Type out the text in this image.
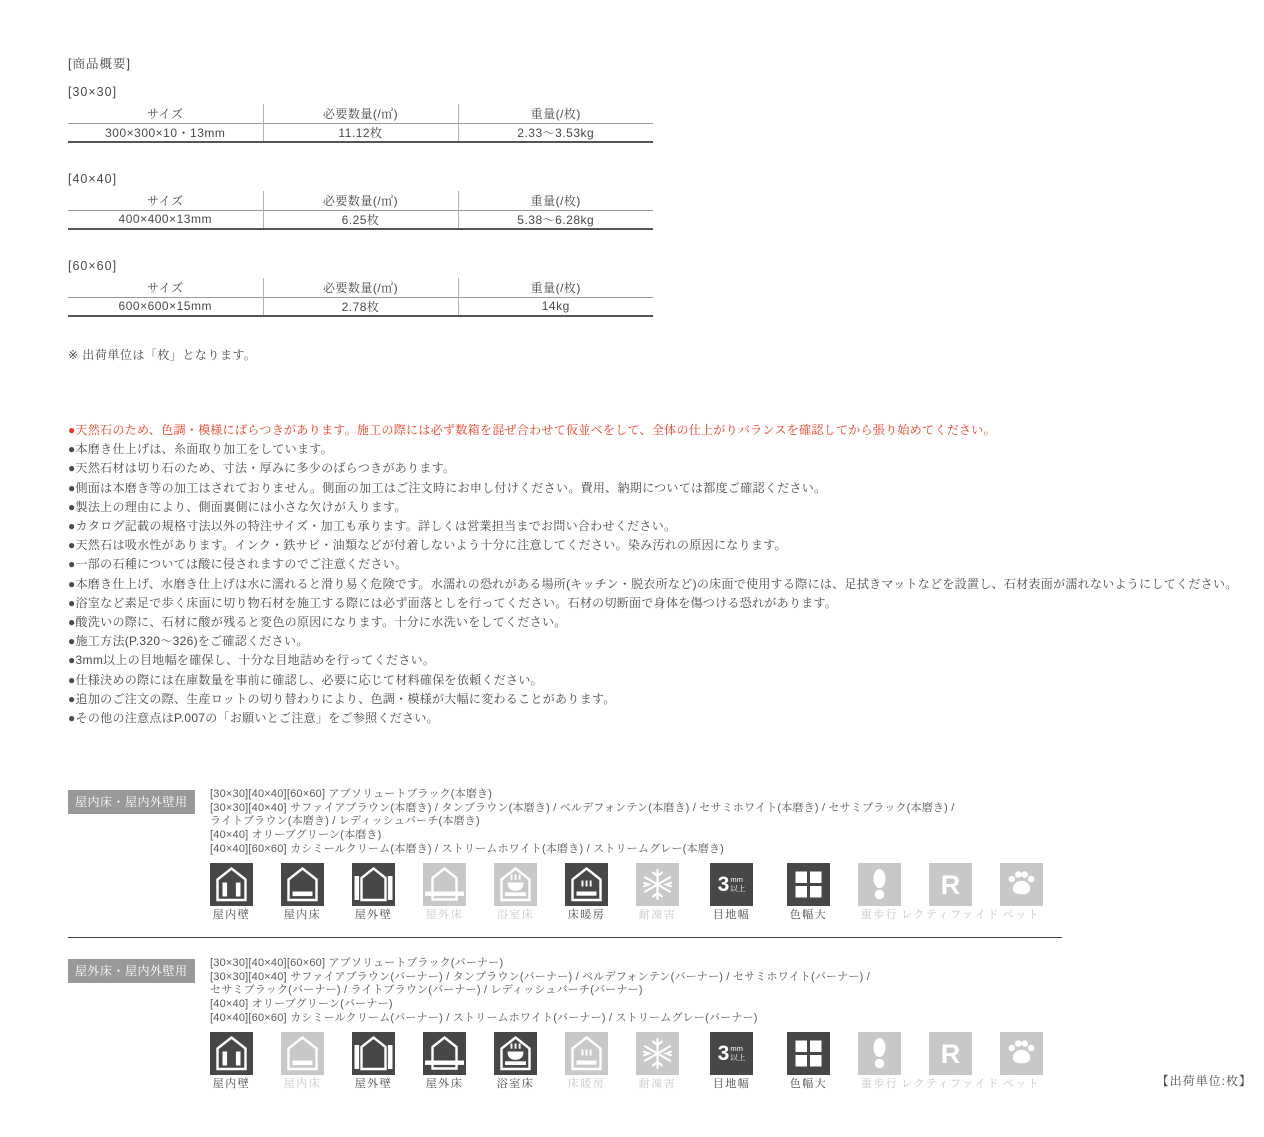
[商品概要]
[30×30]
サイズ	必要数量(/㎡)	重量(/枚)
300×300×10・13mm	11.12枚	2.33〜3.53kg
[40×40]
サイズ	必要数量(/㎡)	重量(/枚)
400×400×13mm	6.25枚	5.38〜6.28kg
[60×60]
サイズ	必要数量(/㎡)	重量(/枚)
600×600×15mm	2.78枚	14kg
※ 出荷単位は「枚」となります。
●天然石のため、色調・模様にばらつきがあります。施工の際には必ず数箱を混ぜ合わせて仮並べをして、全体の仕上がりバランスを確認してから張り始めてください。
●本磨き仕上げは、糸面取り加工をしています。
●天然石材は切り石のため、寸法・厚みに多少のばらつきがあります。
●側面は本磨き等の加工はされておりません。側面の加工はご注文時にお申し付けください。費用、納期については都度ご確認ください。
●製法上の理由により、側面裏側には小さな欠けが入ります。
●カタログ記載の規格寸法以外の特注サイズ・加工も承ります。詳しくは営業担当までお問い合わせください。
●天然石は吸水性があります。インク・鉄サビ・油類などが付着しないよう十分に注意してください。染み汚れの原因になります。
●一部の石種については酸に侵されますのでご注意ください。
●本磨き仕上げ、水磨き仕上げは水に濡れると滑り易く危険です。水濡れの恐れがある場所(キッチン・脱衣所など)の床面で使用する際には、足拭きマットなどを設置し、石材表面が濡れないようにしてください。
●浴室など素足で歩く床面に切り物石材を施工する際には必ず面落としを行ってください。石材の切断面で身体を傷つける恐れがあります。
●酸洗いの際に、石材に酸が残ると変色の原因になります。十分に水洗いをしてください。
●施工方法(P.320〜326)をご確認ください。
●3mm以上の目地幅を確保し、十分な目地詰めを行ってください。
●仕様決めの際には在庫数量を事前に確認し、必要に応じて材料確保を依頼ください。
●追加のご注文の際、生産ロットの切り替わりにより、色調・模様が大幅に変わることがあります。
●その他の注意点はP.007の「お願いとご注意」をご参照ください。
屋内床・屋内外壁用
[30×30][40×40][60×60] アブソリュートブラック(本磨き)
[30×30][40×40] サファイアブラウン(本磨き) / タンブラウン(本磨き) / ベルデフォンテン(本磨き) / セサミホワイト(本磨き) / セサミブラック(本磨き) /
ライトブラウン(本磨き) / レディッシュバーチ(本磨き)
[40×40] オリーブグリーン(本磨き)
[40×40][60×60] カシミールクリーム(本磨き) / ストリームホワイト(本磨き) / ストリームグレー(本磨き)
屋内壁	屋内床	屋外壁	屋外床	浴室床	床暖房	耐凍害
3 mm
以上
目地幅	色幅大	重歩行 レクティファイド ペット
屋外床・屋内外壁用
[30×30][40×40][60×60] アブソリュートブラック(バーナー)
[30×30][40×40] サファイアブラウン(バーナー) / タンブラウン(バーナー) / ベルデフォンテン(バーナー) / セサミホワイト(バーナー) /
セサミブラック(バーナー) / ライトブラウン(バーナー) / レディッシュバーチ(バーナー)
[40×40] オリーブグリーン(バーナー)
[40×40][60×60] カシミールクリーム(バーナー) / ストリームホワイト(バーナー) / ストリームグレー(バーナー)
屋内壁	屋内床	屋外壁	屋外床	浴室床	床暖房	耐凍害
3 mm
以上
目地幅	色幅大	重歩行 レクティファイド ペット	【出荷単位:枚】
